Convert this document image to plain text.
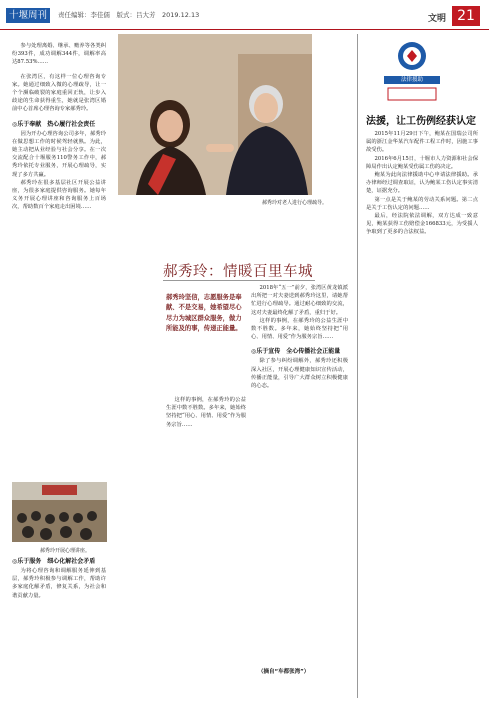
十堰周刊	责任编辑：李佳儒　版式：吕大芳　2019.12.13	文明 21

参与处理离婚、继承、赡养等各类纠纷393件，成功调解344件，调解率高达87.53%……

在张湾区，有这样一位心理咨询专家。她通过细致入微的心理疏导，让一个个濒临破裂的家庭重回正轨，让步入歧途的生命获得重生，她就是张湾区婚前中心首席心理咨询专家郝秀玲。

◎乐于奉献　热心履行社会责任

因为开办心理咨询公司多年，郝秀玲在做思想工作的时候驾轻就熟。为此，她主动把从业经验与社会分享。在一次交流配合十堰服务110警务工作中，郝秀玲依托专业服务，开展心理疏导，实现了多方共赢。

郝秀玲在很多基层社区开展公益讲座，为很多家庭提供咨询服务。她每年义务开展心理讲座和咨询服务上百场次，帮助数百个家庭走出困境……

郝秀玲对老人进行心理疏导。
郝秀玲：情暖百里车城
郝秀玲坚信，志愿服务是奉献、不是交易，她希望尽心尽力为城区群众服务，做力所能及的事，传递正能量。

2018年“五一”前夕，张湾区黄龙镇派出所把一对夫妻送到郝秀玲这里，请她帮忙进行心理疏导。通过耐心细致的交流，这对夫妻最终化解了矛盾，重归于好。

这样的事例，在郝秀玲的公益生涯中数不胜数。多年来，她始终坚持把“用心、用情、用爱”作为服务宗旨……

◎乐于宣传　全心传播社会正能量

除了参与纠纷调解外，郝秀玲还积极深入社区，开展心理健康知识宣传活动，传播正能量，引导广大群众树立积极健康的心态。

这样的事例，在郝秀玲的公益生涯中数不胜数。多年来，她始终坚持把“用心、用情、用爱”作为服务宗旨……

（摘自“车都张湾”）
郝秀玲开展心理讲座。
◎乐于服务　细心化解社会矛盾

为将心理咨询和调解服务延伸到基层，郝秀玲积极参与调解工作，帮助许多家庭化解矛盾，修复关系，为社会和谐贡献力量。

法律援助
法援，让工伤例经获认定

2015年11月29日下午，鲍某在国瑞公司所属的浙江金华某汽车配件工程工作时，因施工事故受伤。

2016年6月15日，十堰市人力资源和社会保障局作出认定鲍某受伤属工伤的决定。

鲍某为此向法律援助中心申请法律援助。承办律师经过调查取证，认为鲍某工伤认定事实清楚，证据充分。

第一点是关于鲍某的劳动关系问题。第二点是关于工伤认定的问题……

最后，经法院依法调解，双方达成一致意见，鲍某获得工伤赔偿金166833元，为受援人争取到了更多的合法权益。
